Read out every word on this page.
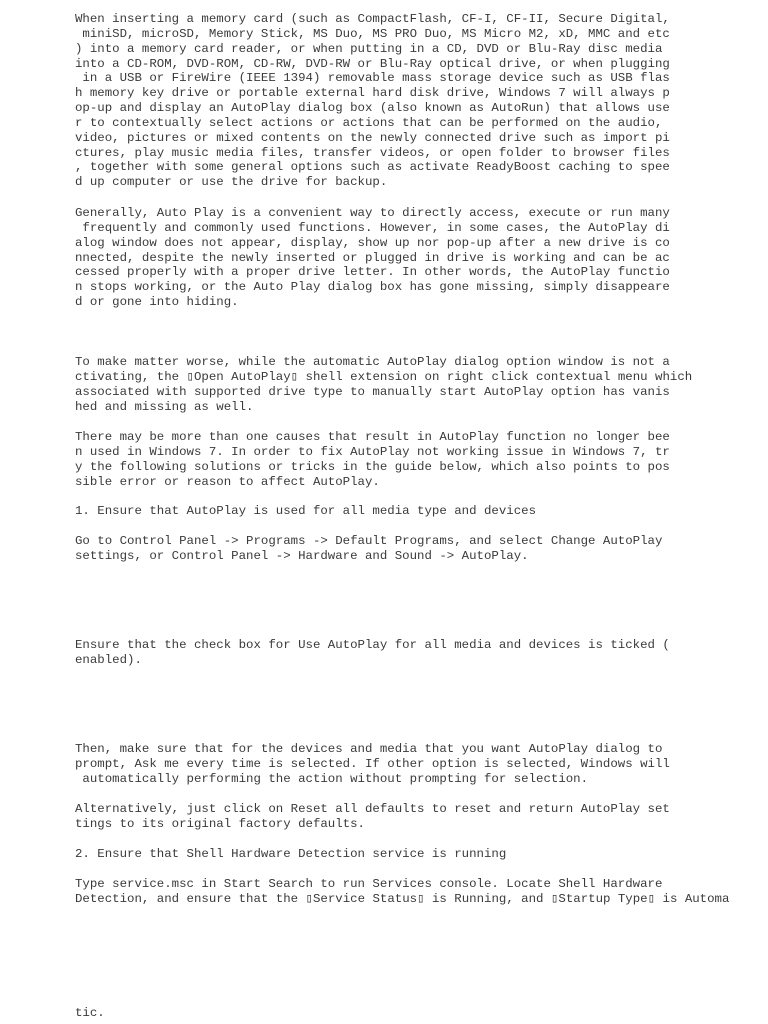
When inserting a memory card (such as CompactFlash, CF-I, CF-II, Secure Digital,
miniSD, microSD, Memory Stick, MS Duo, MS PRO Duo, MS Micro M2, xD, MMC and etc
) into a memory card reader, or when putting in a CD, DVD or Blu-Ray disc media
into a CD-ROM, DVD-ROM, CD-RW, DVD-RW or Blu-Ray optical drive, or when plugging
in a USB or FireWire (IEEE 1394) removable mass storage device such as USB flas
h memory key drive or portable external hard disk drive, Windows 7 will always p
op-up and display an AutoPlay dialog box (also known as AutoRun) that allows use
r to contextually select actions or actions that can be performed on the audio,
video, pictures or mixed contents on the newly connected drive such as import pi
ctures, play music media files, transfer videos, or open folder to browser files
, together with some general options such as activate ReadyBoost caching to spee
d up computer or use the drive for backup.

Generally, Auto Play is a convenient way to directly access, execute or run many
frequently and commonly used functions. However, in some cases, the AutoPlay di
alog window does not appear, display, show up nor pop-up after a new drive is co
nnected, despite the newly inserted or plugged in drive is working and can be ac
cessed properly with a proper drive letter. In other words, the AutoPlay functio
n stops working, or the Auto Play dialog box has gone missing, simply disappeare
d or gone into hiding.

To make matter worse, while the automatic AutoPlay dialog option window is not a
ctivating, the ▯Open AutoPlay▯ shell extension on right click contextual menu which
associated with supported drive type to manually start AutoPlay option has vanis
hed and missing as well.

There may be more than one causes that result in AutoPlay function no longer bee
n used in Windows 7. In order to fix AutoPlay not working issue in Windows 7, tr
y the following solutions or tricks in the guide below, which also points to pos
sible error or reason to affect AutoPlay.

1. Ensure that AutoPlay is used for all media type and devices

Go to Control Panel -> Programs -> Default Programs, and select Change AutoPlay
settings, or Control Panel -> Hardware and Sound -> AutoPlay.

Ensure that the check box for Use AutoPlay for all media and devices is ticked (
enabled).

Then, make sure that for the devices and media that you want AutoPlay dialog to
prompt, Ask me every time is selected. If other option is selected, Windows will
automatically performing the action without prompting for selection.

Alternatively, just click on Reset all defaults to reset and return AutoPlay set
tings to its original factory defaults.

2. Ensure that Shell Hardware Detection service is running

Type service.msc in Start Search to run Services console. Locate Shell Hardware
Detection, and ensure that the ▯Service Status▯ is Running, and ▯Startup Type▯ is Automa

tic.
